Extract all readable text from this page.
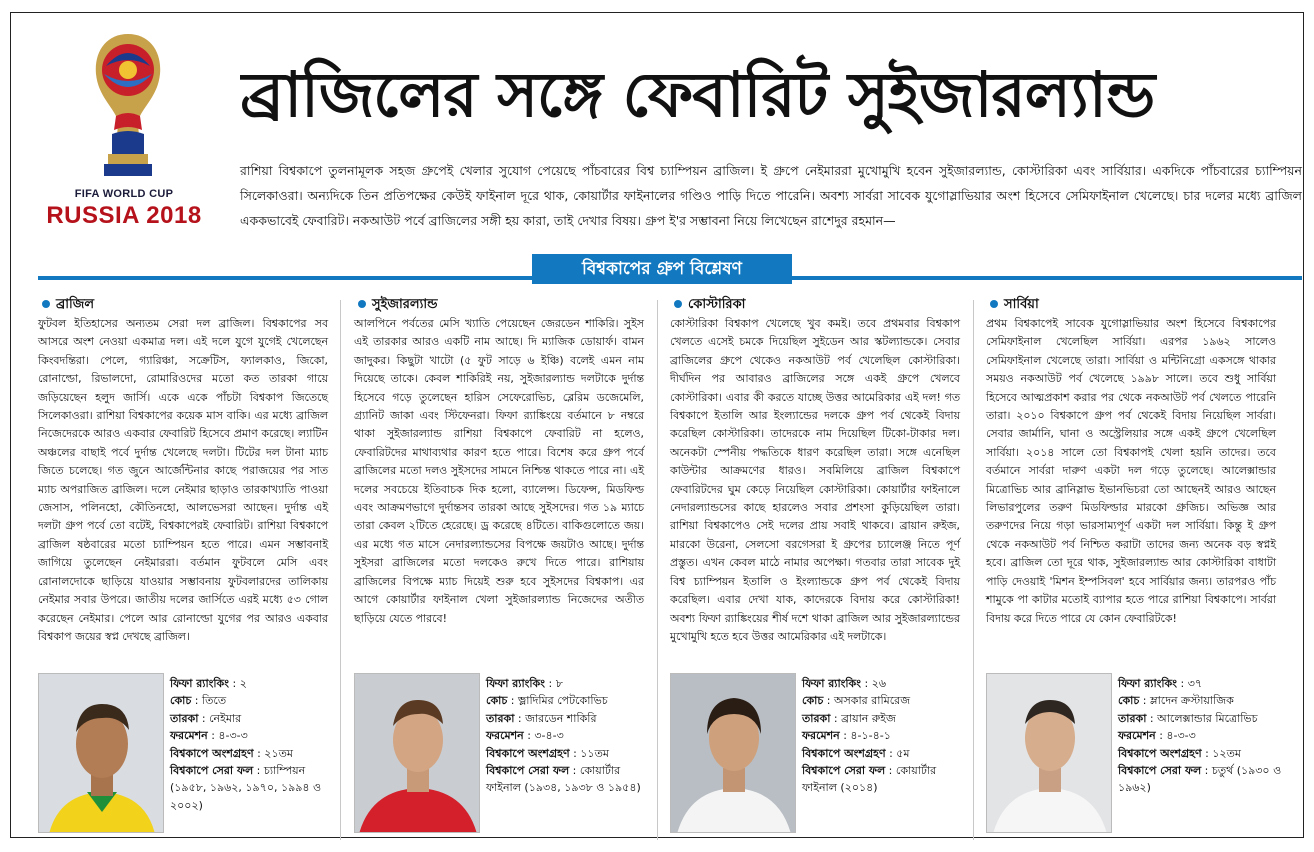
FIFA WORLD CUP
RUSSIA 2018
ব্রাজিলের সঙ্গে ফেবারিট সুইজারল্যান্ড
রাশিয়া বিশ্বকাপে তুলনামূলক সহজ গ্রুপেই খেলার সুযোগ পেয়েছে পাঁচবারের বিশ্ব চ্যাম্পিয়ন ব্রাজিল। ই গ্রুপে নেইমাররা মুখোমুখি হবেন সুইজারল্যান্ড, কোস্টারিকা এবং সার্বিয়ার। একদিকে পাঁচবারের চ্যাম্পিয়ন সিলেকাওরা। অন্যদিকে তিন প্রতিপক্ষের কেউই ফাইনাল দূরে থাক, কোয়ার্টার ফাইনালের গণ্ডিও পাড়ি দিতে পারেনি। অবশ্য সার্বরা সাবেক যুগোস্লাভিয়ার অংশ হিসেবে সেমিফাইনাল খেলেছে। চার দলের মধ্যে ব্রাজিল এককভাবেই ফেবারিট। নকআউট পর্বে ব্রাজিলের সঙ্গী হয় কারা, তাই দেখার বিষয়। গ্রুপ ই'র সম্ভাবনা নিয়ে লিখেছেন রাশেদুর রহমান—
বিশ্বকাপের গ্রুপ বিশ্লেষণ
ব্রাজিল
ফুটবল ইতিহাসের অন্যতম সেরা দল ব্রাজিল। বিশ্বকাপের সব আসরে অংশ নেওয়া একমাত্র দল। এই দলে যুগে যুগেই খেলেছেন কিংবদন্তিরা। পেলে, গ্যারিঞ্চা, সক্রেটিস, ফ্যালকাও, জিকো, রোনাল্ডো, রিভালদো, রোমারিওদের মতো কত তারকা গায়ে জড়িয়েছেন হলুদ জার্সি। একে একে পাঁচটা বিশ্বকাপ জিতেছে সিলেকাওরা। রাশিয়া বিশ্বকাপের কয়েক মাস বাকি। এর মধ্যে ব্রাজিল নিজেদেরকে আরও একবার ফেবারিট হিসেবে প্রমাণ করেছে। ল্যাটিন অঞ্চলের বাছাই পর্বে দুর্দান্ত খেলেছে দলটা। টিটের দল টানা ম্যাচ জিতে চলেছে। গত জুনে আর্জেন্টিনার কাছে পরাজয়ের পর সাত ম্যাচ অপরাজিত ব্রাজিল। দলে নেইমার ছাড়াও তারকাখ্যাতি পাওয়া জেসাস, পলিনহো, কৌতিনহো, আলভেসরা আছেন। দুর্দান্ত এই দলটা গ্রুপ পর্বে তো বটেই, বিশ্বকাপেরই ফেবারিট। রাশিয়া বিশ্বকাপে ব্রাজিল ষষ্ঠবারের মতো চ্যাম্পিয়ন হতে পারে। এমন সম্ভাবনাই জাগিয়ে তুলেছেন নেইমাররা। বর্তমান ফুটবলে মেসি এবং রোনালদোকে ছাড়িয়ে যাওয়ার সম্ভাবনায় ফুটবলারদের তালিকায় নেইমার সবার উপরে। জাতীয় দলের জার্সিতে এরই মধ্যে ৫৩ গোল করেছেন নেইমার। পেলে আর রোনাল্ডো যুগের পর আরও একবার বিশ্বকাপ জয়ের স্বপ্ন দেখছে ব্রাজিল।
সুইজারল্যান্ড
আলপিনে পর্বতের মেসি খ্যাতি পেয়েছেন জেরডেন শাকিরি। সুইস এই তারকার আরও একটি নাম আছে। দি ম্যাজিক ডোয়ার্ফ। বামন জাদুকর। কিছুটা খাটো (৫ ফুট সাড়ে ৬ ইঞ্চি) বলেই এমন নাম দিয়েছে তাকে। কেবল শাকিরিই নয়, সুইজারল্যান্ড দলটাকে দুর্দান্ত হিসেবে গড়ে তুলেছেন হারিস সেফেরোভিচ, ব্লেরিম ডজেমেলি, গ্র্যানিট জাকা এবং স্টিফেনরা। ফিফা র‌্যাঙ্কিংয়ে বর্তমানে ৮ নম্বরে থাকা সুইজারল্যান্ড রাশিয়া বিশ্বকাপে ফেবারিট না হলেও, ফেবারিটদের মাথাব্যথার কারণ হতে পারে। বিশেষ করে গ্রুপ পর্বে ব্রাজিলের মতো দলও সুইসদের সামনে নিশ্চিন্ত থাকতে পারে না। এই দলের সবচেয়ে ইতিবাচক দিক হলো, ব্যালেন্স। ডিফেন্স, মিডফিল্ড এবং আক্রমণভাগে দুর্দান্তসব তারকা আছে সুইসদের। গত ১৯ ম্যাচে তারা কেবল ২টিতে হেরেছে। ড্র করেছে ৪টিতে। বাকিগুলোতে জয়। এর মধ্যে গত মাসে নেদারল্যান্ডসের বিপক্ষে জয়টাও আছে। দুর্দান্ত সুইসরা ব্রাজিলের মতো দলকেও রুখে দিতে পারে। রাশিয়ায় ব্রাজিলের বিপক্ষে ম্যাচ দিয়েই শুরু হবে সুইসদের বিশ্বকাপ। এর আগে কোয়ার্টার ফাইনাল খেলা সুইজারল্যান্ড নিজেদের অতীত ছাড়িয়ে যেতে পারবে!
কোস্টারিকা
কোস্টারিকা বিশ্বকাপ খেলেছে খুব কমই। তবে প্রথমবার বিশ্বকাপ খেলতে এসেই চমকে দিয়েছিল সুইডেন আর স্কটল্যান্ডকে। সেবার ব্রাজিলের গ্রুপে থেকেও নকআউট পর্ব খেলেছিল কোস্টারিকা। দীর্ঘদিন পর আবারও ব্রাজিলের সঙ্গে একই গ্রুপে খেলবে কোস্টারিকা। এবার কী করতে যাচ্ছে উত্তর আমেরিকার এই দল! গত বিশ্বকাপে ইতালি আর ইংল্যান্ডের দলকে গ্রুপ পর্ব থেকেই বিদায় করেছিল কোস্টারিকা। তাদেরকে নাম দিয়েছিল টিকো-টাকার দল। অনেকটা স্পেনীয় পদ্ধতিকে ধারণ করেছিল তারা। সঙ্গে এনেছিল কাউন্টার আক্রমণের ধারও। সবমিলিয়ে ব্রাজিল বিশ্বকাপে ফেবারিটদের ঘুম কেড়ে নিয়েছিল কোস্টারিকা। কোয়ার্টার ফাইনালে নেদারল্যান্ডসের কাছে হারলেও সবার প্রশংসা কুড়িয়েছিল তারা। রাশিয়া বিশ্বকাপেও সেই দলের প্রায় সবাই থাকবে। ব্রায়ান রুইজ, মারকো উরেনা, সেলসো বরগেসরা ই গ্রুপের চ্যালেঞ্জ নিতে পূর্ণ প্রস্তুত। এখন কেবল মাঠে নামার অপেক্ষা। গতবার তারা সাবেক দুই বিশ্ব চ্যাম্পিয়ন ইতালি ও ইংল্যান্ডকে গ্রুপ পর্ব থেকেই বিদায় করেছিল। এবার দেখা যাক, কাদেরকে বিদায় করে কোস্টারিকা! অবশ্য ফিফা র‌্যাঙ্কিংয়ের শীর্ষ দশে থাকা ব্রাজিল আর সুইজারল্যান্ডের মুখোমুখি হতে হবে উত্তর আমেরিকার এই দলটাকে।
সার্বিয়া
প্রথম বিশ্বকাপেই সাবেক যুগোস্লাভিয়ার অংশ হিসেবে বিশ্বকাপের সেমিফাইনাল খেলেছিল সার্বিয়া। এরপর ১৯৬২ সালেও সেমিফাইনাল খেলেছে তারা। সার্বিয়া ও মন্টিনিগ্রো একসঙ্গে থাকার সময়ও নকআউট পর্ব খেলেছে ১৯৯৮ সালে। তবে শুধু সার্বিয়া হিসেবে আত্মপ্রকাশ করার পর থেকে নকআউট পর্ব খেলতে পারেনি তারা। ২০১০ বিশ্বকাপে গ্রুপ পর্ব থেকেই বিদায় নিয়েছিল সার্বরা। সেবার জার্মানি, ঘানা ও অস্ট্রেলিয়ার সঙ্গে একই গ্রুপে খেলেছিল সার্বিয়া। ২০১৪ সালে তো বিশ্বকাপই খেলা হয়নি তাদের। তবে বর্তমানে সার্বরা দারুণ একটা দল গড়ে তুলেছে। আলেক্সান্ডার মিত্রোভিচ আর ব্রানিস্লাভ ইভানভিচরা তো আছেনই আরও আছেন লিভারপুলের তরুণ মিডফিল্ডার মারকো গ্রুজিচ। অভিজ্ঞ আর তরুণদের নিয়ে গড়া ভারসাম্যপূর্ণ একটা দল সার্বিয়া। কিন্তু ই গ্রুপ থেকে নকআউট পর্ব নিশ্চিত করাটা তাদের জন্য অনেক বড় স্বপ্নই হবে। ব্রাজিল তো দূরে থাক, সুইজারল্যান্ড আর কোস্টারিকা বাধাটা পাড়ি দেওয়াই 'মিশন ইম্পসিবল' হবে সার্বিয়ার জন্য। তারপরও পাঁচ শামুকে পা কাটার মতোই ব্যাপার হতে পারে রাশিয়া বিশ্বকাপে। সার্বরা বিদায় করে দিতে পারে যে কোন ফেবারিটকে!
ফিফা র‌্যাংকিং : ২
কোচ : তিতে
তারকা : নেইমার
ফরমেশন : ৪-৩-৩
বিশ্বকাপে অংশগ্রহণ : ২১তম
বিশ্বকাপে সেরা ফল : চ্যাম্পিয়ন (১৯৫৮, ১৯৬২, ১৯৭০, ১৯৯৪ ও ২০০২)
ফিফা র‌্যাংকিং : ৮
কোচ : ভ্লাদিমির পেটকোভিচ
তারকা : জারডেন শাকিরি
ফরমেশন : ৩-৪-৩
বিশ্বকাপে অংশগ্রহণ : ১১তম
বিশ্বকাপে সেরা ফল : কোয়ার্টার ফাইনাল (১৯৩৪, ১৯৩৮ ও ১৯৫৪)
ফিফা র‌্যাংকিং : ২৬
কোচ : অসকার রামিরেজ
তারকা : ব্রায়ান রুইজ
ফরমেশন : ৪-১-৪-১
বিশ্বকাপে অংশগ্রহণ : ৫ম
বিশ্বকাপে সেরা ফল : কোয়ার্টার ফাইনাল (২০১৪)
ফিফা র‌্যাংকিং : ৩৭
কোচ : ম্লাদেন ক্রস্টায়াজিক
তারকা : আলেক্সান্ডার মিত্রোভিচ
ফরমেশন : ৪-৩-৩
বিশ্বকাপে অংশগ্রহণ : ১২তম
বিশ্বকাপে সেরা ফল : চতুর্থ (১৯৩০ ও ১৯৬২)
